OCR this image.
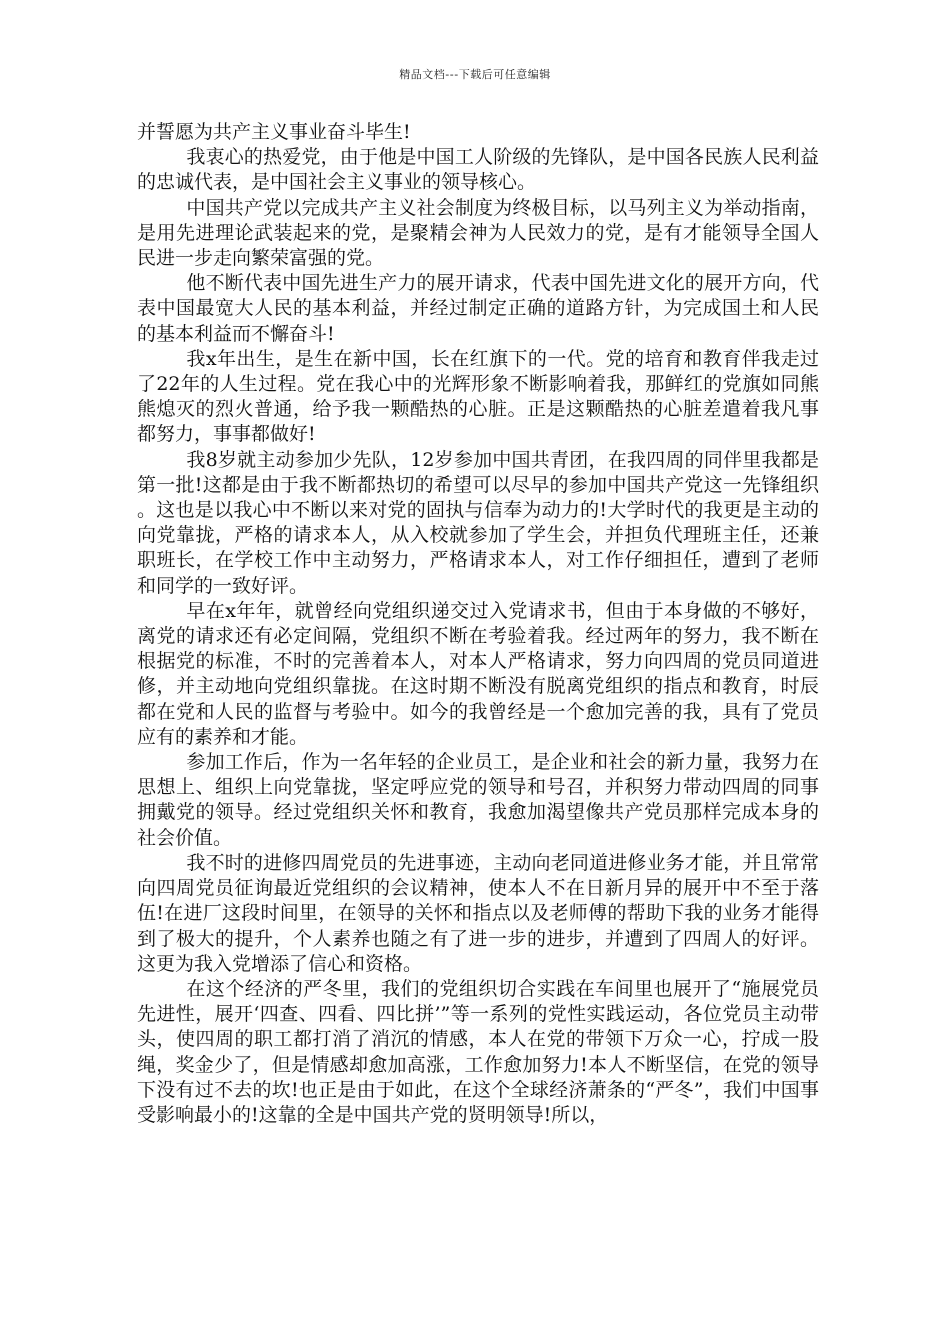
精品文档---下载后可任意编辑

并誓愿为共产主义事业奋斗毕生!

我衷心的热爱党，由于他是中国工人阶级的先锋队，是中国各民族人民利益的忠诚代表，是中国社会主义事业的领导核心。

中国共产党以完成共产主义社会制度为终极目标，以马列主义为举动指南，是用先进理论武装起来的党，是聚精会神为人民效力的党，是有才能领导全国人民进一步走向繁荣富强的党。

他不断代表中国先进生产力的展开请求，代表中国先进文化的展开方向，代表中国最宽大人民的基本利益，并经过制定正确的道路方针，为完成国土和人民的基本利益而不懈奋斗!

我x年出生，是生在新中国，长在红旗下的一代。党的培育和教育伴我走过了22年的人生过程。党在我心中的光辉形象不断影响着我，那鲜红的党旗如同熊熊熄灭的烈火普通，给予我一颗酷热的心脏。正是这颗酷热的心脏差遣着我凡事都努力，事事都做好!

我8岁就主动参加少先队，12岁参加中国共青团，在我四周的同伴里我都是第一批!这都是由于我不断都热切的希望可以尽早的参加中国共产党这一先锋组织。这也是以我心中不断以来对党的固执与信奉为动力的!大学时代的我更是主动的向党靠拢，严格的请求本人，从入校就参加了学生会，并担负代理班主任，还兼职班长，在学校工作中主动努力，严格请求本人，对工作仔细担任，遭到了老师和同学的一致好评。

早在x年年，就曾经向党组织递交过入党请求书，但由于本身做的不够好，离党的请求还有必定间隔，党组织不断在考验着我。经过两年的努力，我不断在根据党的标准，不时的完善着本人，对本人严格请求，努力向四周的党员同道进修，并主动地向党组织靠拢。在这时期不断没有脱离党组织的指点和教育，时辰都在党和人民的监督与考验中。如今的我曾经是一个愈加完善的我，具有了党员应有的素养和才能。

参加工作后，作为一名年轻的企业员工，是企业和社会的新力量，我努力在思想上、组织上向党靠拢，坚定呼应党的领导和号召，并积努力带动四周的同事拥戴党的领导。经过党组织关怀和教育，我愈加渴望像共产党员那样完成本身的社会价值。

我不时的进修四周党员的先进事迹，主动向老同道进修业务才能，并且常常向四周党员征询最近党组织的会议精神，使本人不在日新月异的展开中不至于落伍!在进厂这段时间里，在领导的关怀和指点以及老师傅的帮助下我的业务才能得到了极大的提升，个人素养也随之有了进一步的进步，并遭到了四周人的好评。这更为我入党增添了信心和资格。

在这个经济的严冬里，我们的党组织切合实践在车间里也展开了“施展党员先进性，展开‘四查、四看、四比拼’”等一系列的党性实践运动，各位党员主动带头，使四周的职工都打消了消沉的情感，本人在党的带领下万众一心，拧成一股绳，奖金少了，但是情感却愈加高涨，工作愈加努力!本人不断坚信，在党的领导下没有过不去的坎!也正是由于如此，在这个全球经济萧条的“严冬”，我们中国事受影响最小的!这靠的全是中国共产党的贤明领导!所以，
